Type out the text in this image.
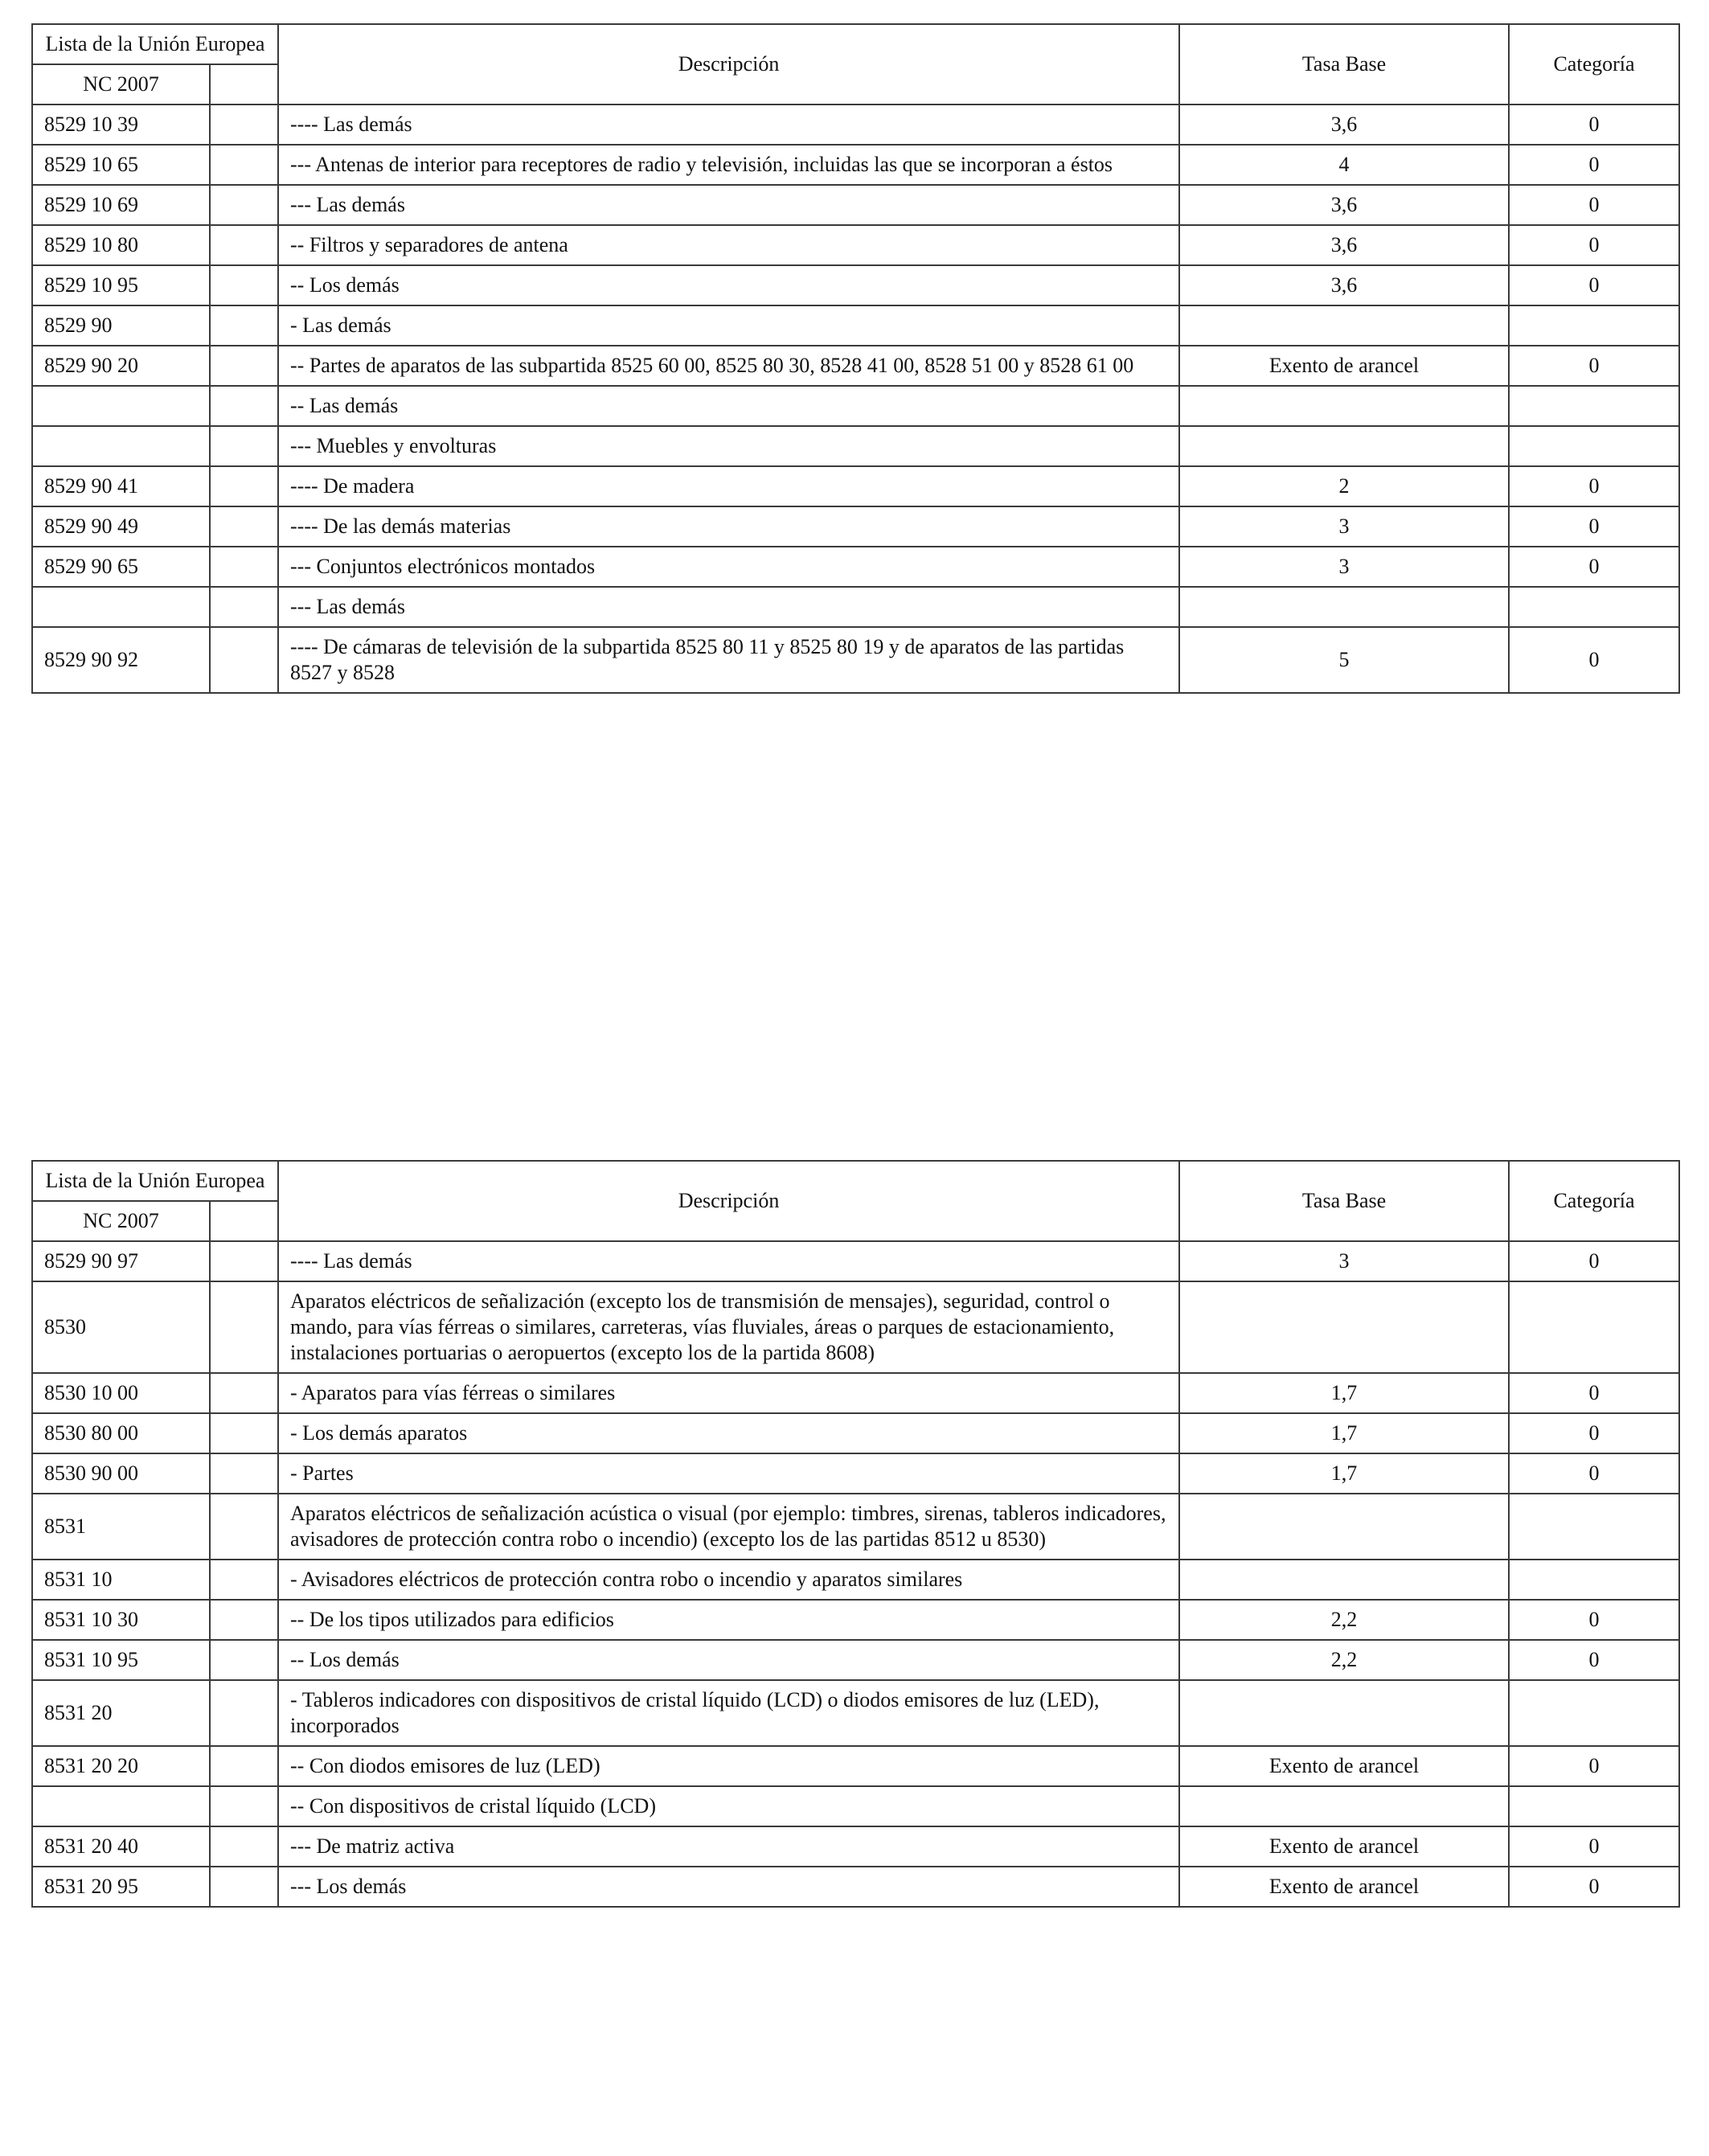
Lista de la Unión Europea		Descripción	Tasa Base	Categoría
NC 2007				
8529 10 39		---- Las demás	3,6	0
8529 10 65		--- Antenas de interior para receptores de radio y televisión, incluidas las que se incorporan a éstos	4	0
8529 10 69		--- Las demás	3,6	0
8529 10 80		-- Filtros y separadores de antena	3,6	0
8529 10 95		-- Los demás	3,6	0
8529 90		- Las demás		
8529 90 20		-- Partes de aparatos de las subpartida 8525 60 00, 8525 80 30, 8528 41 00, 8528 51 00 y 8528 61 00	Exento de arancel	0
		-- Las demás		
		--- Muebles y envolturas		
8529 90 41		---- De madera	2	0
8529 90 49		---- De las demás materias	3	0
8529 90 65		--- Conjuntos electrónicos montados	3	0
		--- Las demás		
8529 90 92		---- De cámaras de televisión de la subpartida 8525 80 11 y 8525 80 19 y de aparatos de las partidas 8527 y 8528	5	0
Lista de la Unión Europea		Descripción	Tasa Base	Categoría
NC 2007				
8529 90 97		---- Las demás	3	0
8530		Aparatos eléctricos de señalización (excepto los de transmisión de mensajes), seguridad, control o mando, para vías férreas o similares, carreteras, vías fluviales, áreas o parques de estacionamiento, instalaciones portuarias o aeropuertos (excepto los de la partida 8608)		
8530 10 00		- Aparatos para vías férreas o similares	1,7	0
8530 80 00		- Los demás aparatos	1,7	0
8530 90 00		- Partes	1,7	0
8531		Aparatos eléctricos de señalización acústica o visual (por ejemplo: timbres, sirenas, tableros indicadores, avisadores de protección contra robo o incendio) (excepto los de las partidas 8512 u 8530)		
8531 10		- Avisadores eléctricos de protección contra robo o incendio y aparatos similares		
8531 10 30		-- De los tipos utilizados para edificios	2,2	0
8531 10 95		-- Los demás	2,2	0
8531 20		- Tableros indicadores con dispositivos de cristal líquido (LCD) o diodos emisores de luz (LED), incorporados		
8531 20 20		-- Con diodos emisores de luz (LED)	Exento de arancel	0
		-- Con dispositivos de cristal líquido (LCD)		
8531 20 40		--- De matriz activa	Exento de arancel	0
8531 20 95		--- Los demás	Exento de arancel	0
